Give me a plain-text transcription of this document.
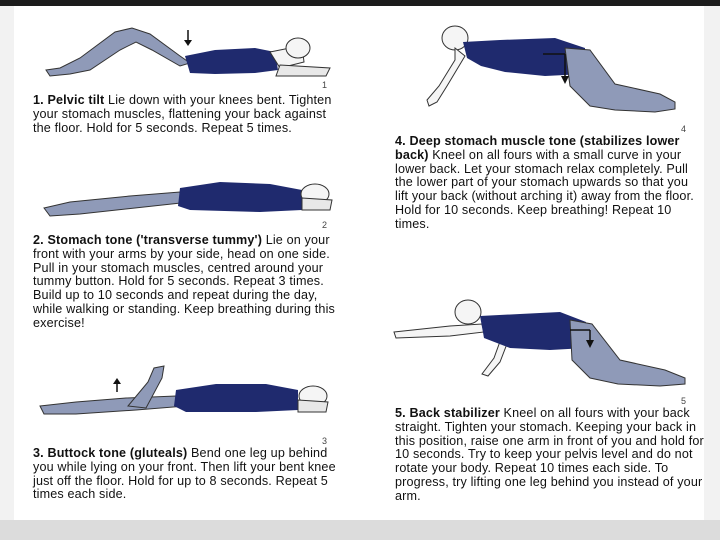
1

1. Pelvic tilt Lie down with your knees bent. Tighten your stomach muscles, flattening your back against the floor. Hold for 5 seconds. Repeat 5 times.

2

2. Stomach tone ('transverse tummy') Lie on your front with your arms by your side, head on one side. Pull in your stomach muscles, centred around your tummy button. Hold for 5 seconds. Repeat 3 times. Build up to 10 seconds and repeat during the day, while walking or standing. Keep breathing during this exercise!

3

3. Buttock tone (gluteals) Bend one leg up behind you while lying on your front. Then lift your bent knee just off the floor. Hold for up to 8 seconds. Repeat 5 times each side.

4

4. Deep stomach muscle tone (stabilizes lower back) Kneel on all fours with a small curve in your lower back. Let your stomach relax completely. Pull the lower part of your stomach upwards so that you lift your back (without arching it) away from the floor. Hold for 10 seconds. Keep breathing! Repeat 10 times.

5

5. Back stabilizer Kneel on all fours with your back straight. Tighten your stomach. Keeping your back in this position, raise one arm in front of you and hold for 10 seconds. Try to keep your pelvis level and do not rotate your body. Repeat 10 times each side. To progress, try lifting one leg behind you instead of your arm.
